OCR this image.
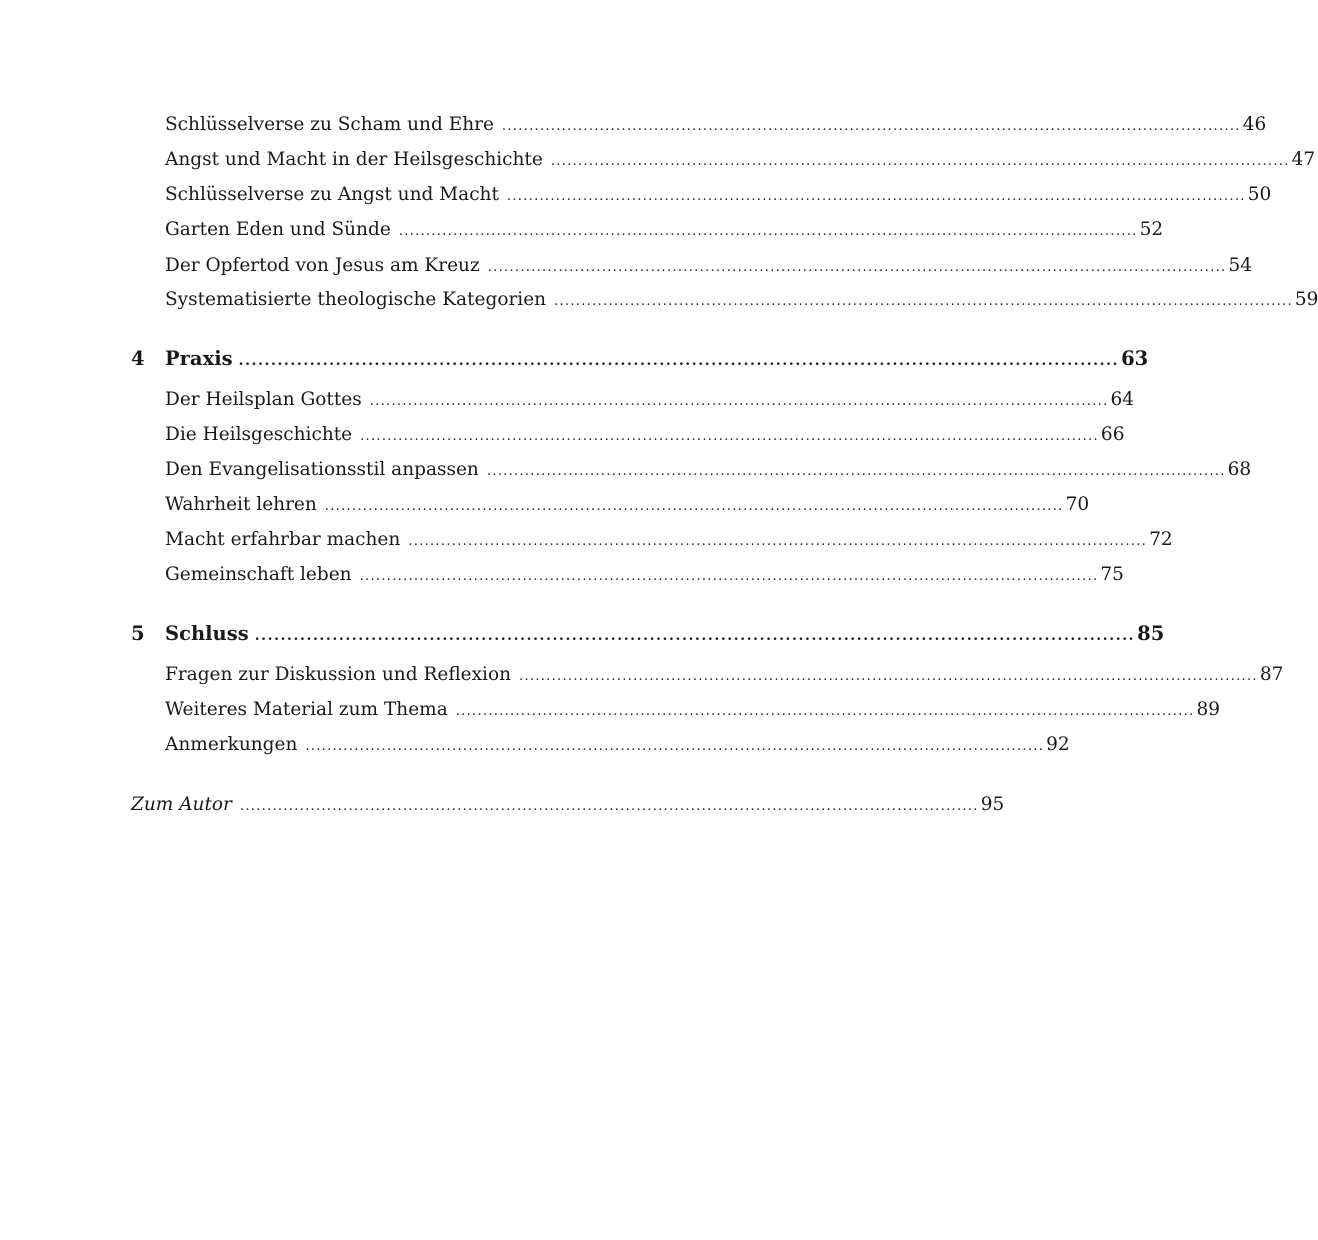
Schlüsselverse zu Scham und Ehre ........................................................................................................................................ 46
Angst und Macht in der Heilsgeschichte ........................................................................................................................................ 47
Schlüsselverse zu Angst und Macht ........................................................................................................................................ 50
Garten Eden und Sünde ........................................................................................................................................ 52
Der Opfertod von Jesus am Kreuz ........................................................................................................................................ 54
Systematisierte theologische Kategorien ........................................................................................................................................ 59
4	Praxis ........................................................................................................................................ 63
Der Heilsplan Gottes ........................................................................................................................................ 64
Die Heilsgeschichte ........................................................................................................................................ 66
Den Evangelisationsstil anpassen ........................................................................................................................................ 68
Wahrheit lehren ........................................................................................................................................ 70
Macht erfahrbar machen ........................................................................................................................................ 72
Gemeinschaft leben ........................................................................................................................................ 75
5	Schluss ........................................................................................................................................ 85
Fragen zur Diskussion und Reflexion ........................................................................................................................................ 87
Weiteres Material zum Thema ........................................................................................................................................ 89
Anmerkungen ........................................................................................................................................ 92
Zum Autor ........................................................................................................................................ 95
